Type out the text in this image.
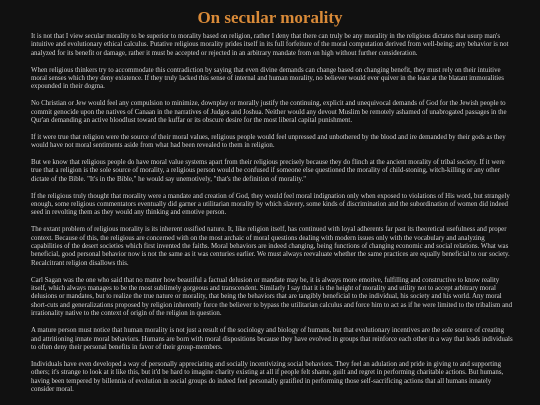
On secular morality

It is not that I view secular morality to be superior to morality based on religion, rather I deny that there can truly be any morality in the religious dictates that usurp man's intuitive and evolutionary ethical calculus. Putative religious morality prides itself in its full forfeiture of the moral computation derived from well-being; any behavior is not analyzed for its benefit or damage, rather it must be accepted or rejected in an arbitrary mandate from on high without further consideration.

When religious thinkers try to accommodate this contradiction by saying that even divine demands can change based on changing benefit, they must rely on their intuitive moral senses which they deny existence. If they truly lacked this sense of internal and human morality, no believer would ever quiver in the least at the blatant immoralities expounded in their dogma.

No Christian or Jew would feel any compulsion to minimize, downplay or morally justify the continuing, explicit and unequivocal demands of God for the Jewish people to commit genocide upon the natives of Canaan in the narratives of Judges and Joshua. Neither would any devout Muslim be remotely ashamed of unabrogated passages in the Qur'an demanding an active bloodlust toward the kuffar or its obscure desire for the most liberal capital punishment.

If it were true that religion were the source of their moral values, religious people would feel unpressed and unbothered by the blood and ire demanded by their gods as they would have not moral sentiments aside from what had been revealed to them in religion.

But we know that religious people do have moral value systems apart from their religious precisely because they do flinch at the ancient morality of tribal society. If it were true that a religion is the sole source of morality, a religious person would be confused if someone else questioned the morality of child-stoning, witch-killing or any other dictate of the Bible. "It's in the Bible," he would say unemotively, "that's the definition of morality."

If the religious truly thought that morality were a mandate and creation of God, they would feel moral indignation only when exposed to violations of His word, but strangely enough, some religious commentators eventually did garner a utilitarian morality by which slavery, some kinds of discrimination and the subordination of women did indeed seed in revolting them as they would any thinking and emotive person.

The extant problem of religious morality is its inherent ossified nature. It, like religion itself, has continued with loyal adherents far past its theoretical usefulness and proper context. Because of this, the religious are concerned with on the most archaic of moral questions dealing with modern issues only with the vocabulary and analyzing capabilities of the desert societies which first invented the faiths. Moral behaviors are indeed changing, being functions of changing economic and social relations. What was beneficial, good personal behavior now is not the same as it was centuries earlier. We must always reevaluate whether the same practices are equally beneficial to our society. Recalcitrant religion disallows this.

Carl Sagan was the one who said that no matter how beautiful a factual delusion or mandate may be, it is always more emotive, fulfilling and constructive to know reality itself, which always manages to be the most sublimely gorgeous and transcendent. Similarly I say that it is the height of morality and utility not to accept arbitrary moral delusions or mandates, but to realize the true nature or morality, that being the behaviors that are tangibly beneficial to the individual, his society and his world. Any moral short-cuts and generalizations proposed by religion inherently force the believer to bypass the utilitarian calculus and force him to act as if he were limited to the tribalism and irrationality native to the context of origin of the religion in question.

A mature person must notice that human morality is not just a result of the sociology and biology of humans, but that evolutionary incentives are the sole source of creating and attritioning innate moral behaviors. Humans are born with moral dispositions because they have evolved in groups that reinforce each other in a way that leads individuals to often deny their personal benefits in favor of their group-members.

Individuals have even developed a way of personally appreciating and socially incentivizing social behaviors. They feel an adulation and pride in giving to and supporting others; it's strange to look at it like this, but it'd be hard to imagine charity existing at all if people felt shame, guilt and regret in performing charitable actions. But humans, having been tempered by billennia of evolution in social groups do indeed feel personally gratified in performing those self-sacrificing actions that all humans innately consider moral.
